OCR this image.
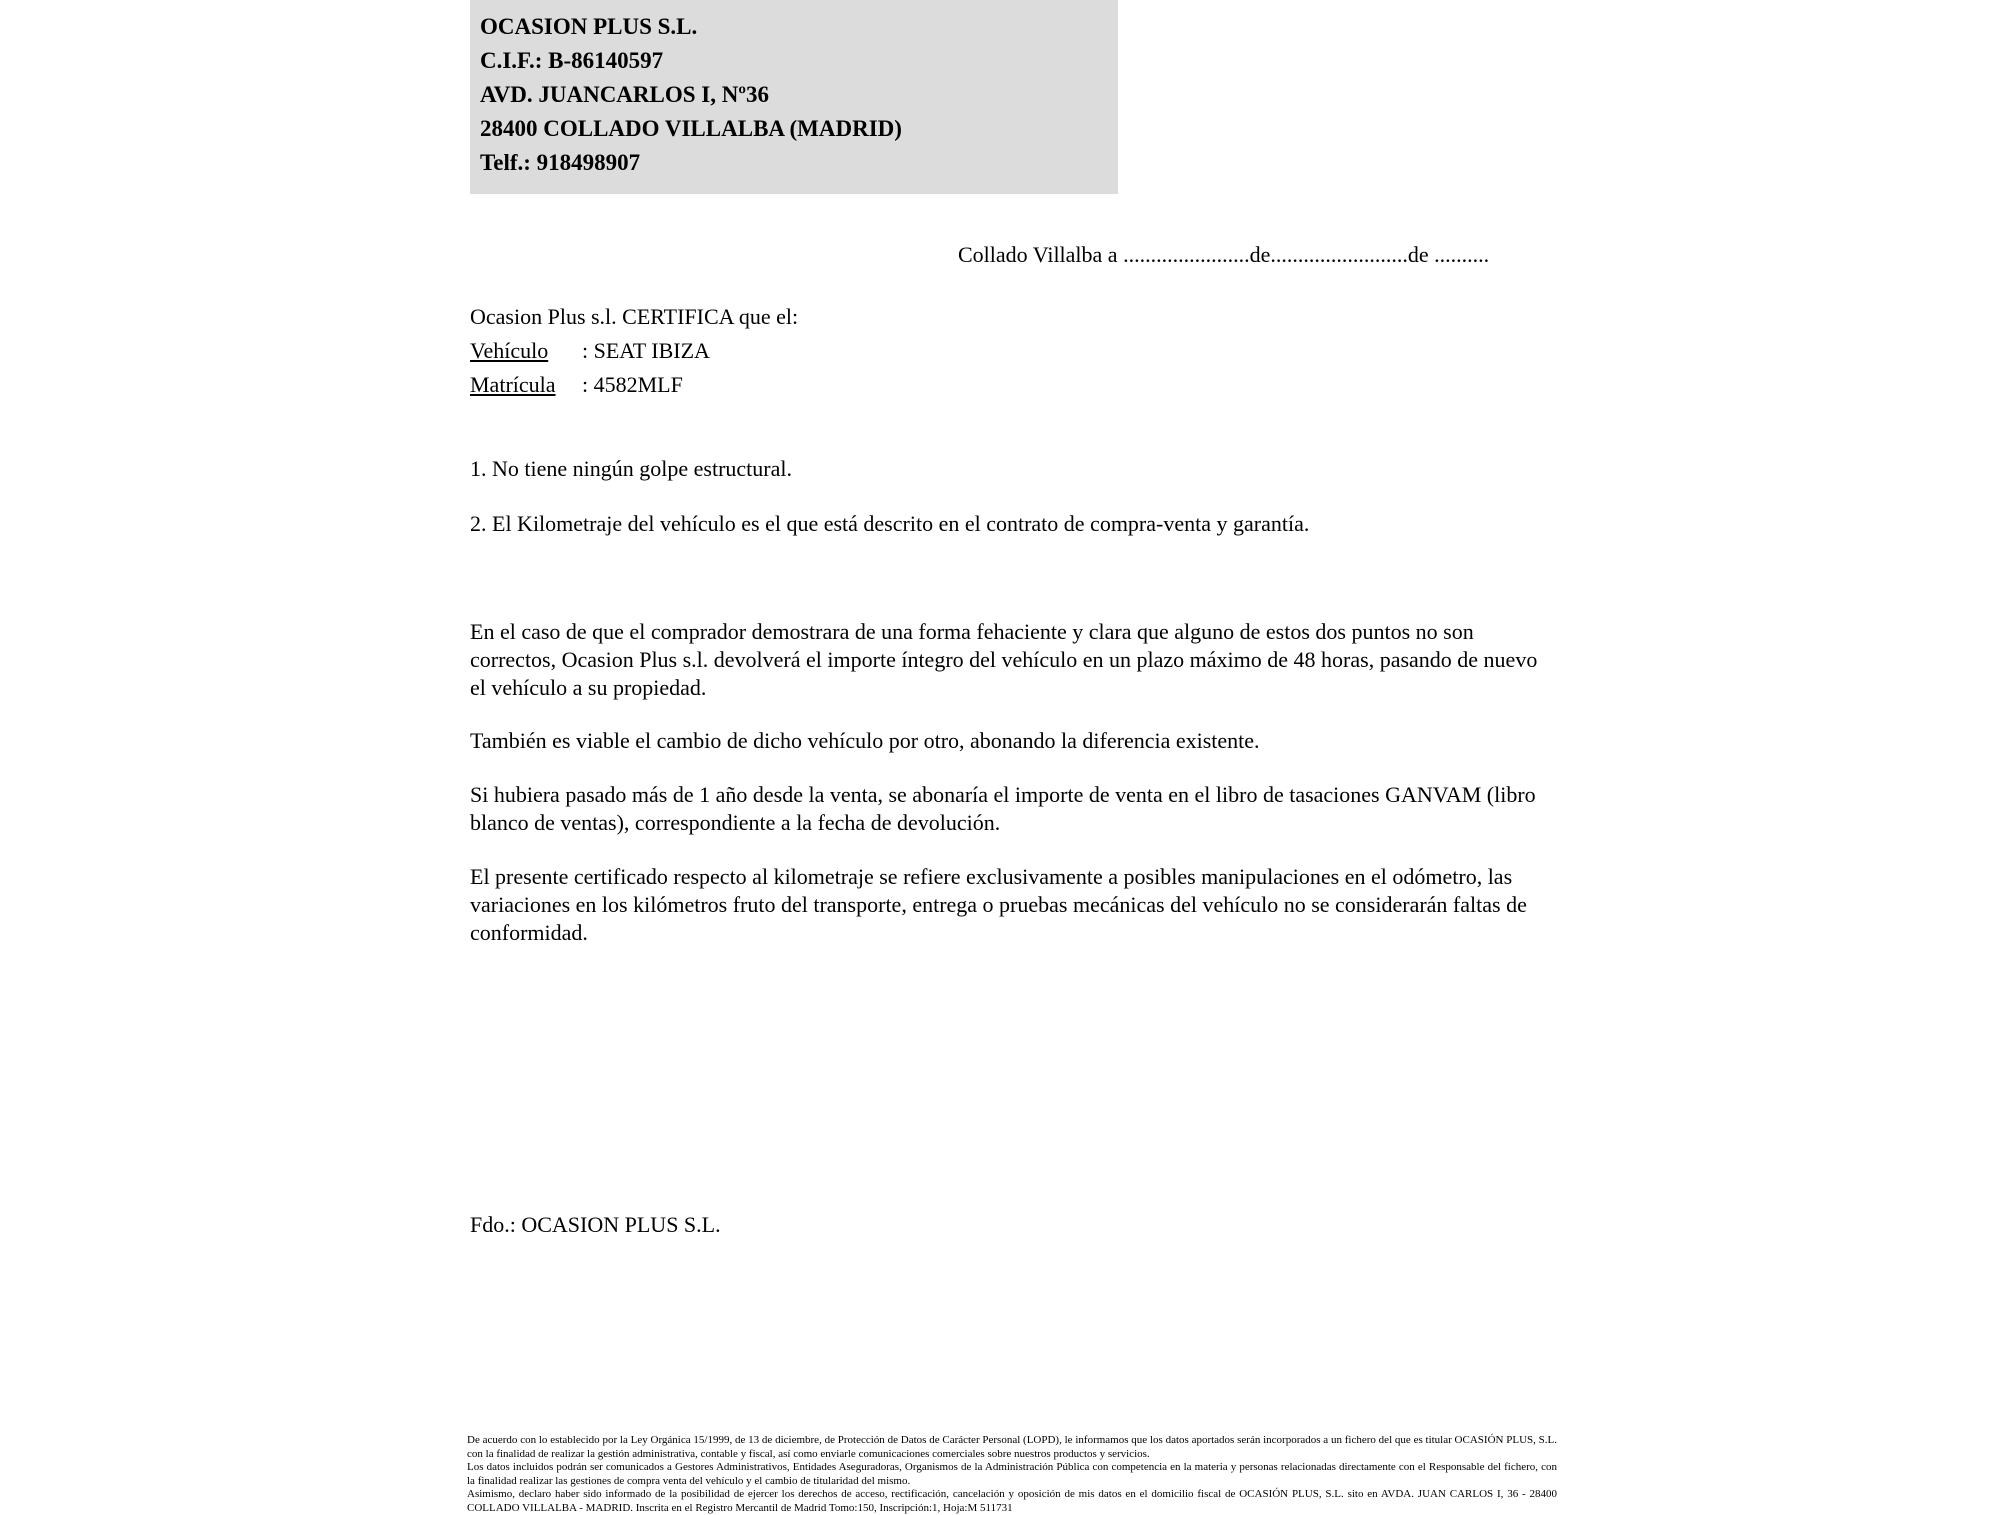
OCASION PLUS S.L.
C.I.F.: B-86140597
AVD. JUANCARLOS I, Nº36
28400 COLLADO VILLALBA (MADRID)
Telf.: 918498907
Collado Villalba a .......................de.........................de ..........
Ocasion Plus s.l. CERTIFICA que el:
Vehículo : SEAT IBIZA
Matrícula : 4582MLF
1. No tiene ningún golpe estructural.
2. El Kilometraje del vehículo es el que está descrito en el contrato de compra-venta y garantía.

En el caso de que el comprador demostrara de una forma fehaciente y clara que alguno de estos dos puntos no son correctos, Ocasion Plus s.l. devolverá el importe íntegro del vehículo en un plazo máximo de 48 horas, pasando de nuevo el vehículo a su propiedad.

También es viable el cambio de dicho vehículo por otro, abonando la diferencia existente.

Si hubiera pasado más de 1 año desde la venta, se abonaría el importe de venta en el libro de tasaciones GANVAM (libro blanco de ventas), correspondiente a la fecha de devolución.

El presente certificado respecto al kilometraje se refiere exclusivamente a posibles manipulaciones en el odómetro, las variaciones en los kilómetros fruto del transporte, entrega o pruebas mecánicas del vehículo no se considerarán faltas de conformidad.

Fdo.: OCASION PLUS S.L.

De acuerdo con lo establecido por la Ley Orgánica 15/1999, de 13 de diciembre, de Protección de Datos de Carácter Personal (LOPD), le informamos que los datos aportados serán incorporados a un fichero del que es titular OCASIÓN PLUS, S.L. con la finalidad de realizar la gestión administrativa, contable y fiscal, así como enviarle comunicaciones comerciales sobre nuestros productos y servicios.

Los datos incluidos podrán ser comunicados a Gestores Administrativos, Entidades Aseguradoras, Organismos de la Administración Pública con competencia en la materia y personas relacionadas directamente con el Responsable del fichero, con la finalidad realizar las gestiones de compra venta del vehículo y el cambio de titularidad del mismo.

Asimismo, declaro haber sido informado de la posibilidad de ejercer los derechos de acceso, rectificación, cancelación y oposición de mis datos en el domicilio fiscal de OCASIÓN PLUS, S.L. sito en AVDA. JUAN CARLOS I, 36 - 28400 COLLADO VILLALBA - MADRID. Inscrita en el Registro Mercantil de Madrid Tomo:150, Inscripción:1, Hoja:M 511731
